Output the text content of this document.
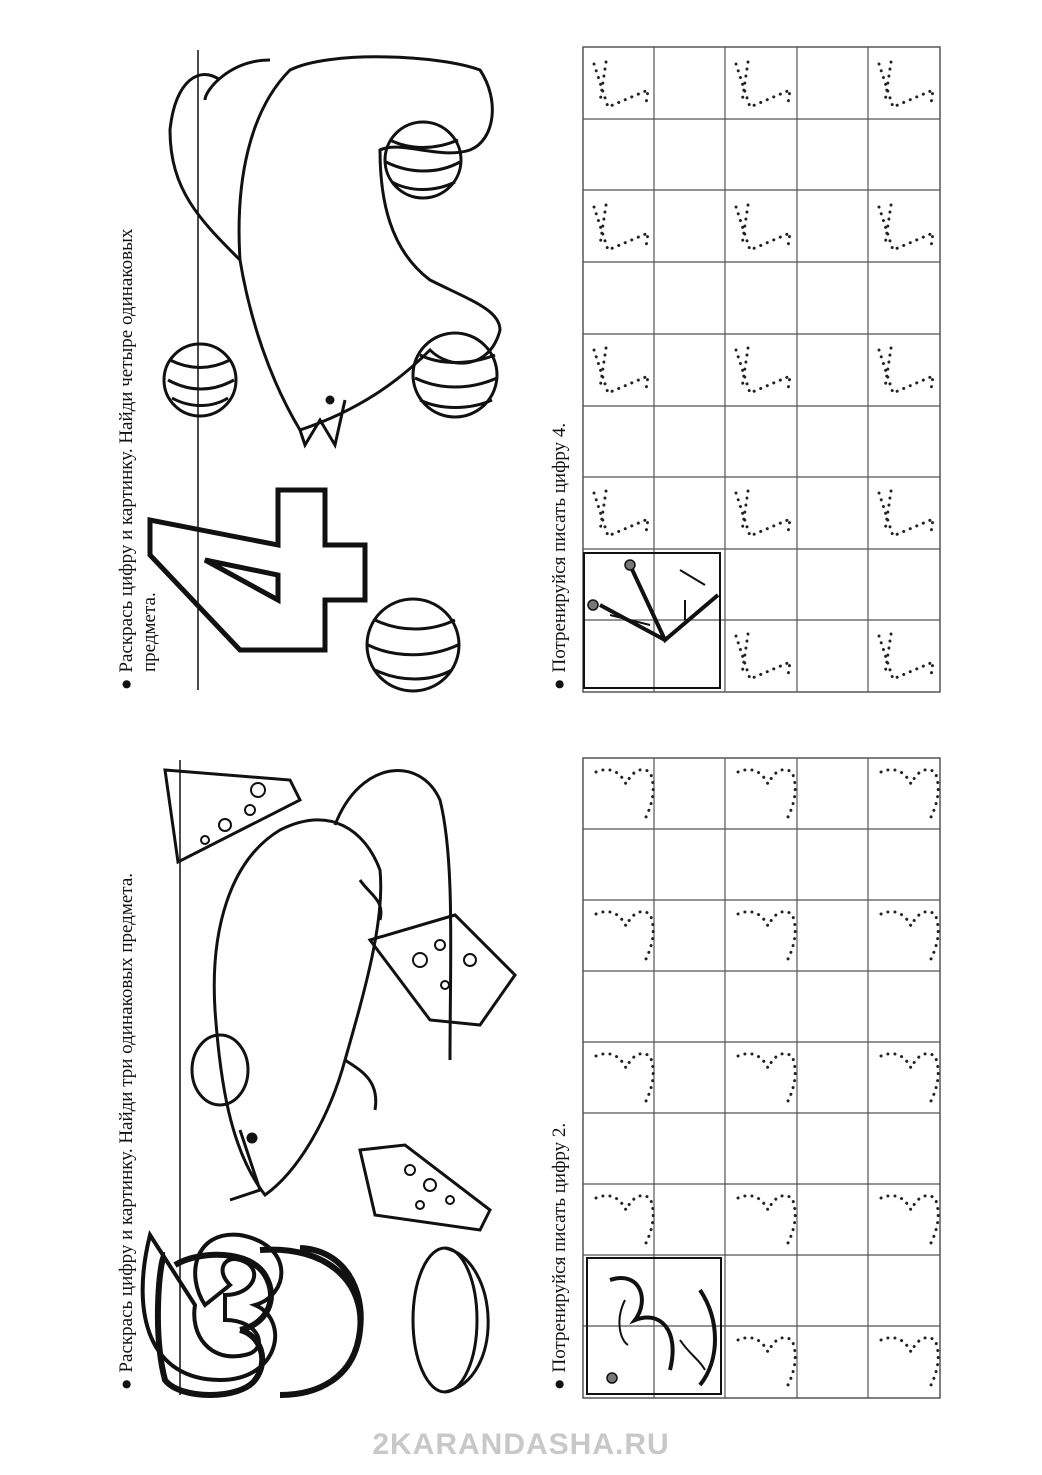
●Раскрась цифру и картинку. Найди три одинаковых предмета.
●Потренируйся писать цифру 2.
●Раскрась цифру и картинку. Найди четыре одинаковых предмета.
●Потренируйся писать цифру 4.
2KARANDASHA.RU
